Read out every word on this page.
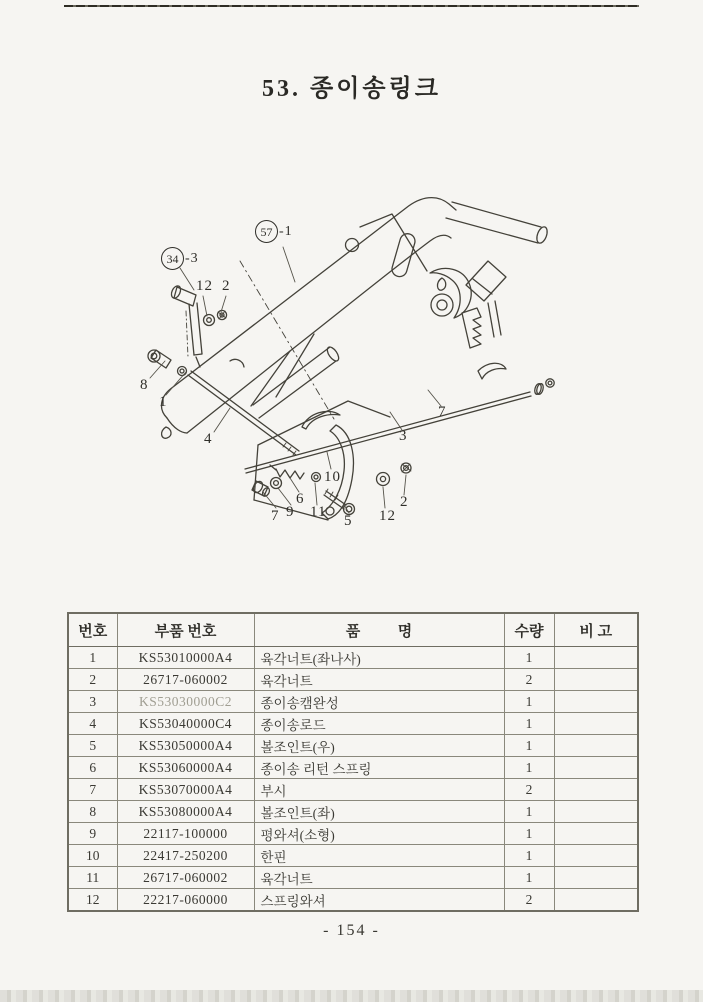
53. 종이송링크
57 -1
34 -3
12 2
8
1
4
7
3
10
6
7 9 11
5 12
2
번호	부품 번호	품          명	수량	비 고
1	KS53010000A4	육각너트(좌나사)	1	
2	26717-060002	육각너트	2	
3	KS53030000C2	종이송캠완성	1	
4	KS53040000C4	종이송로드	1	
5	KS53050000A4	볼조인트(우)	1	
6	KS53060000A4	종이송 리턴 스프링	1	
7	KS53070000A4	부시	2	
8	KS53080000A4	볼조인트(좌)	1	
9	22117-100000	평와셔(소형)	1	
10	22417-250200	한핀	1	
11	26717-060002	육각너트	1	
12	22217-060000	스프링와셔	2	
- 154 -
